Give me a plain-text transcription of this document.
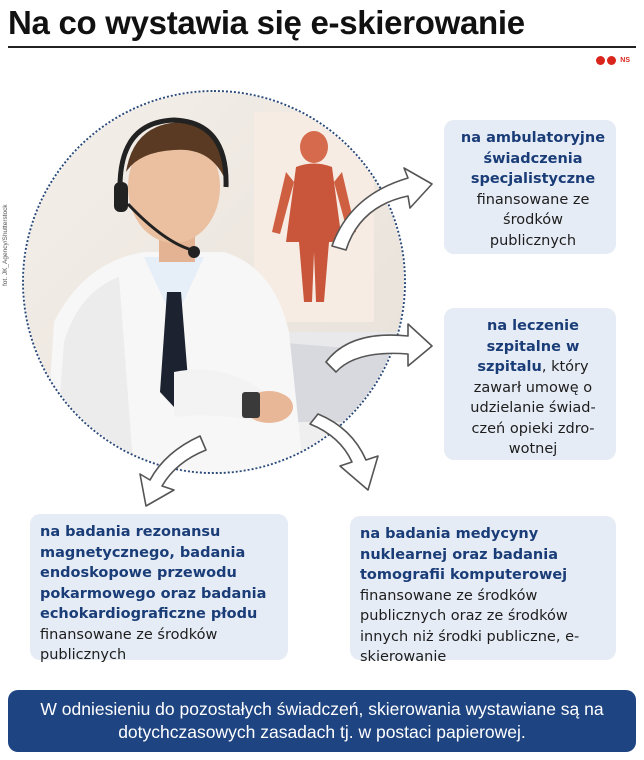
Na co wystawia się e-skierowanie
NS
fot. JK_Agency/Shutterstock
na ambulatoryjne świadczenia specjalistyczne finansowane ze środków publicznych
na leczenie szpitalne w szpitalu, który zawarł umowę o udzielanie świadczeń opieki zdrowotnej
na badania rezonansu magnetycznego, badania endoskopowe przewodu pokarmowego oraz badania echokardiograficzne płodu finansowane ze środków publicznych
na badania medycyny nuklearnej oraz badania tomografii komputerowej finansowane ze środków publicznych oraz ze środków innych niż środki publiczne, e-skierowanie
W odniesieniu do pozostałych świadczeń, skierowania wystawiane są na dotychczasowych zasadach tj. w postaci papierowej.
